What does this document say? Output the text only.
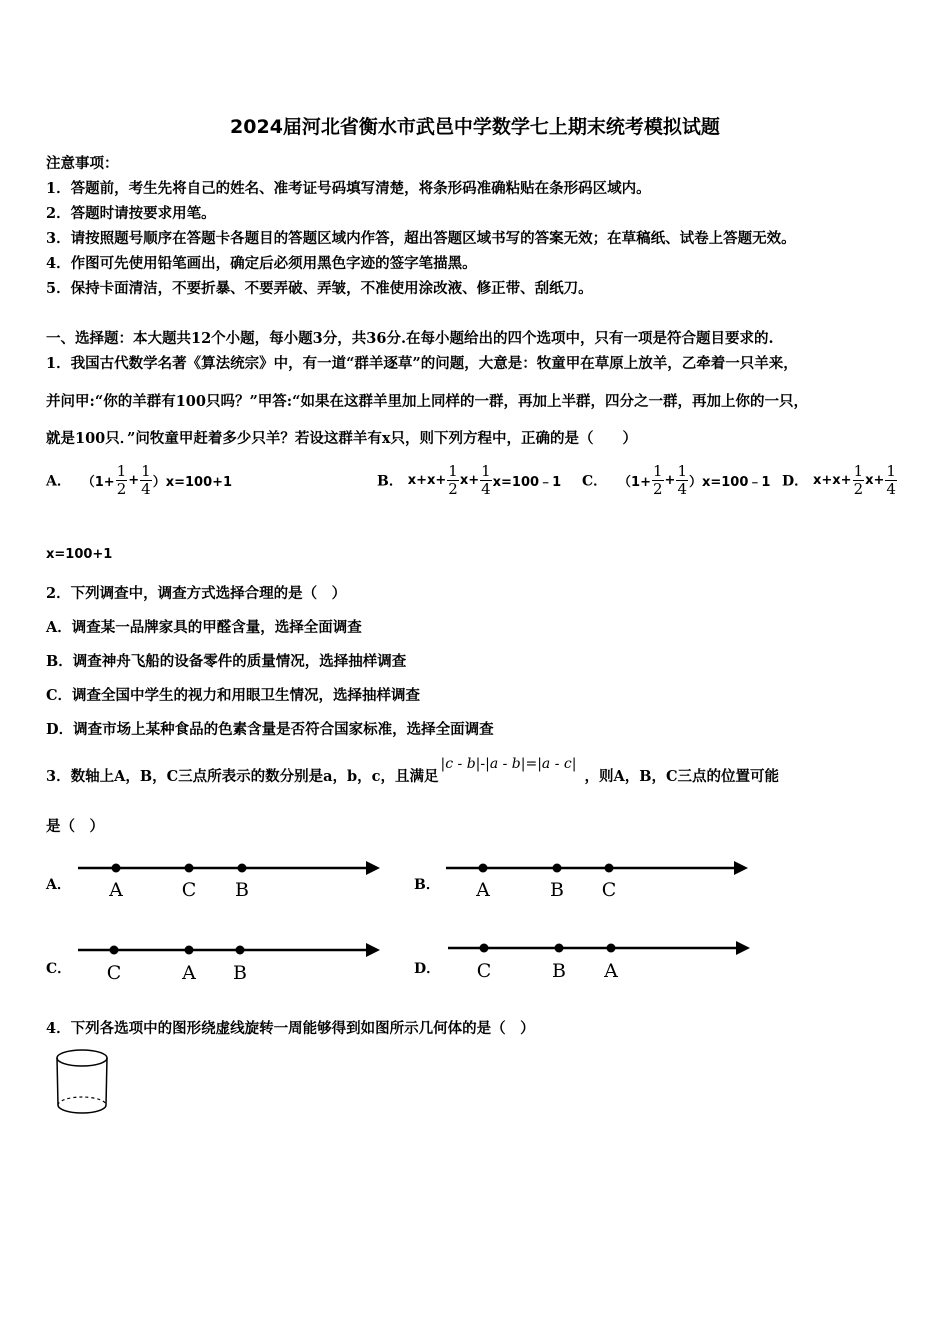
2024届河北省衡水市武邑中学数学七上期末统考模拟试题
注意事项：
1．答题前，考生先将自己的姓名、准考证号码填写清楚，将条形码准确粘贴在条形码区域内。
2．答题时请按要求用笔。
3．请按照题号顺序在答题卡各题目的答题区域内作答，超出答题区域书写的答案无效；在草稿纸、试卷上答题无效。
4．作图可先使用铅笔画出，确定后必须用黑色字迹的签字笔描黑。
5．保持卡面清洁，不要折暴、不要弄破、弄皱，不准使用涂改液、修正带、刮纸刀。
一、选择题：本大题共12个小题，每小题3分，共36分.在每小题给出的四个选项中，只有一项是符合题目要求的.
1．我国古代数学名著《算法统宗》中，有一道“群羊逐草”的问题，大意是：牧童甲在草原上放羊，乙牵着一只羊来，
并问甲:“你的羊群有100只吗？”甲答:“如果在这群羊里加上同样的一群，再加上半群，四分之一群，再加上你的一只，
就是100只．”问牧童甲赶着多少只羊？若设这群羊有x只，则下列方程中，正确的是（　　）
A． $(1+ \frac{1}{2} + \frac{1}{4} )x=100+1$	B． $x+x+ \frac{1}{2} x+ \frac{1}{4}$ x=100﹣1 C． （$1+ \frac{1}{2} + \frac{1}{4}$ ）x=100﹣1 D． $x+x+ \frac{1}{2} x+ \frac{1}{4}$
x=100+1
2．下列调查中，调查方式选择合理的是（　）
A．调查某一品牌家具的甲醛含量，选择全面调查
B．调查神舟飞船的设备零件的质量情况，选择抽样调查
C．调查全国中学生的视力和用眼卫生情况，选择抽样调查
D．调查市场上某种食品的色素含量是否符合国家标准，选择全面调查
3．数轴上A，B，C三点所表示的数分别是a，b，c，且满足|c - b|-|a - b|=|a - c|，则A，B，C三点的位置可能
是（　）
A． A	C B	B． A	B C
C． C	A B	D． C	B A
4．下列各选项中的图形绕虚线旋转一周能够得到如图所示几何体的是（　）
